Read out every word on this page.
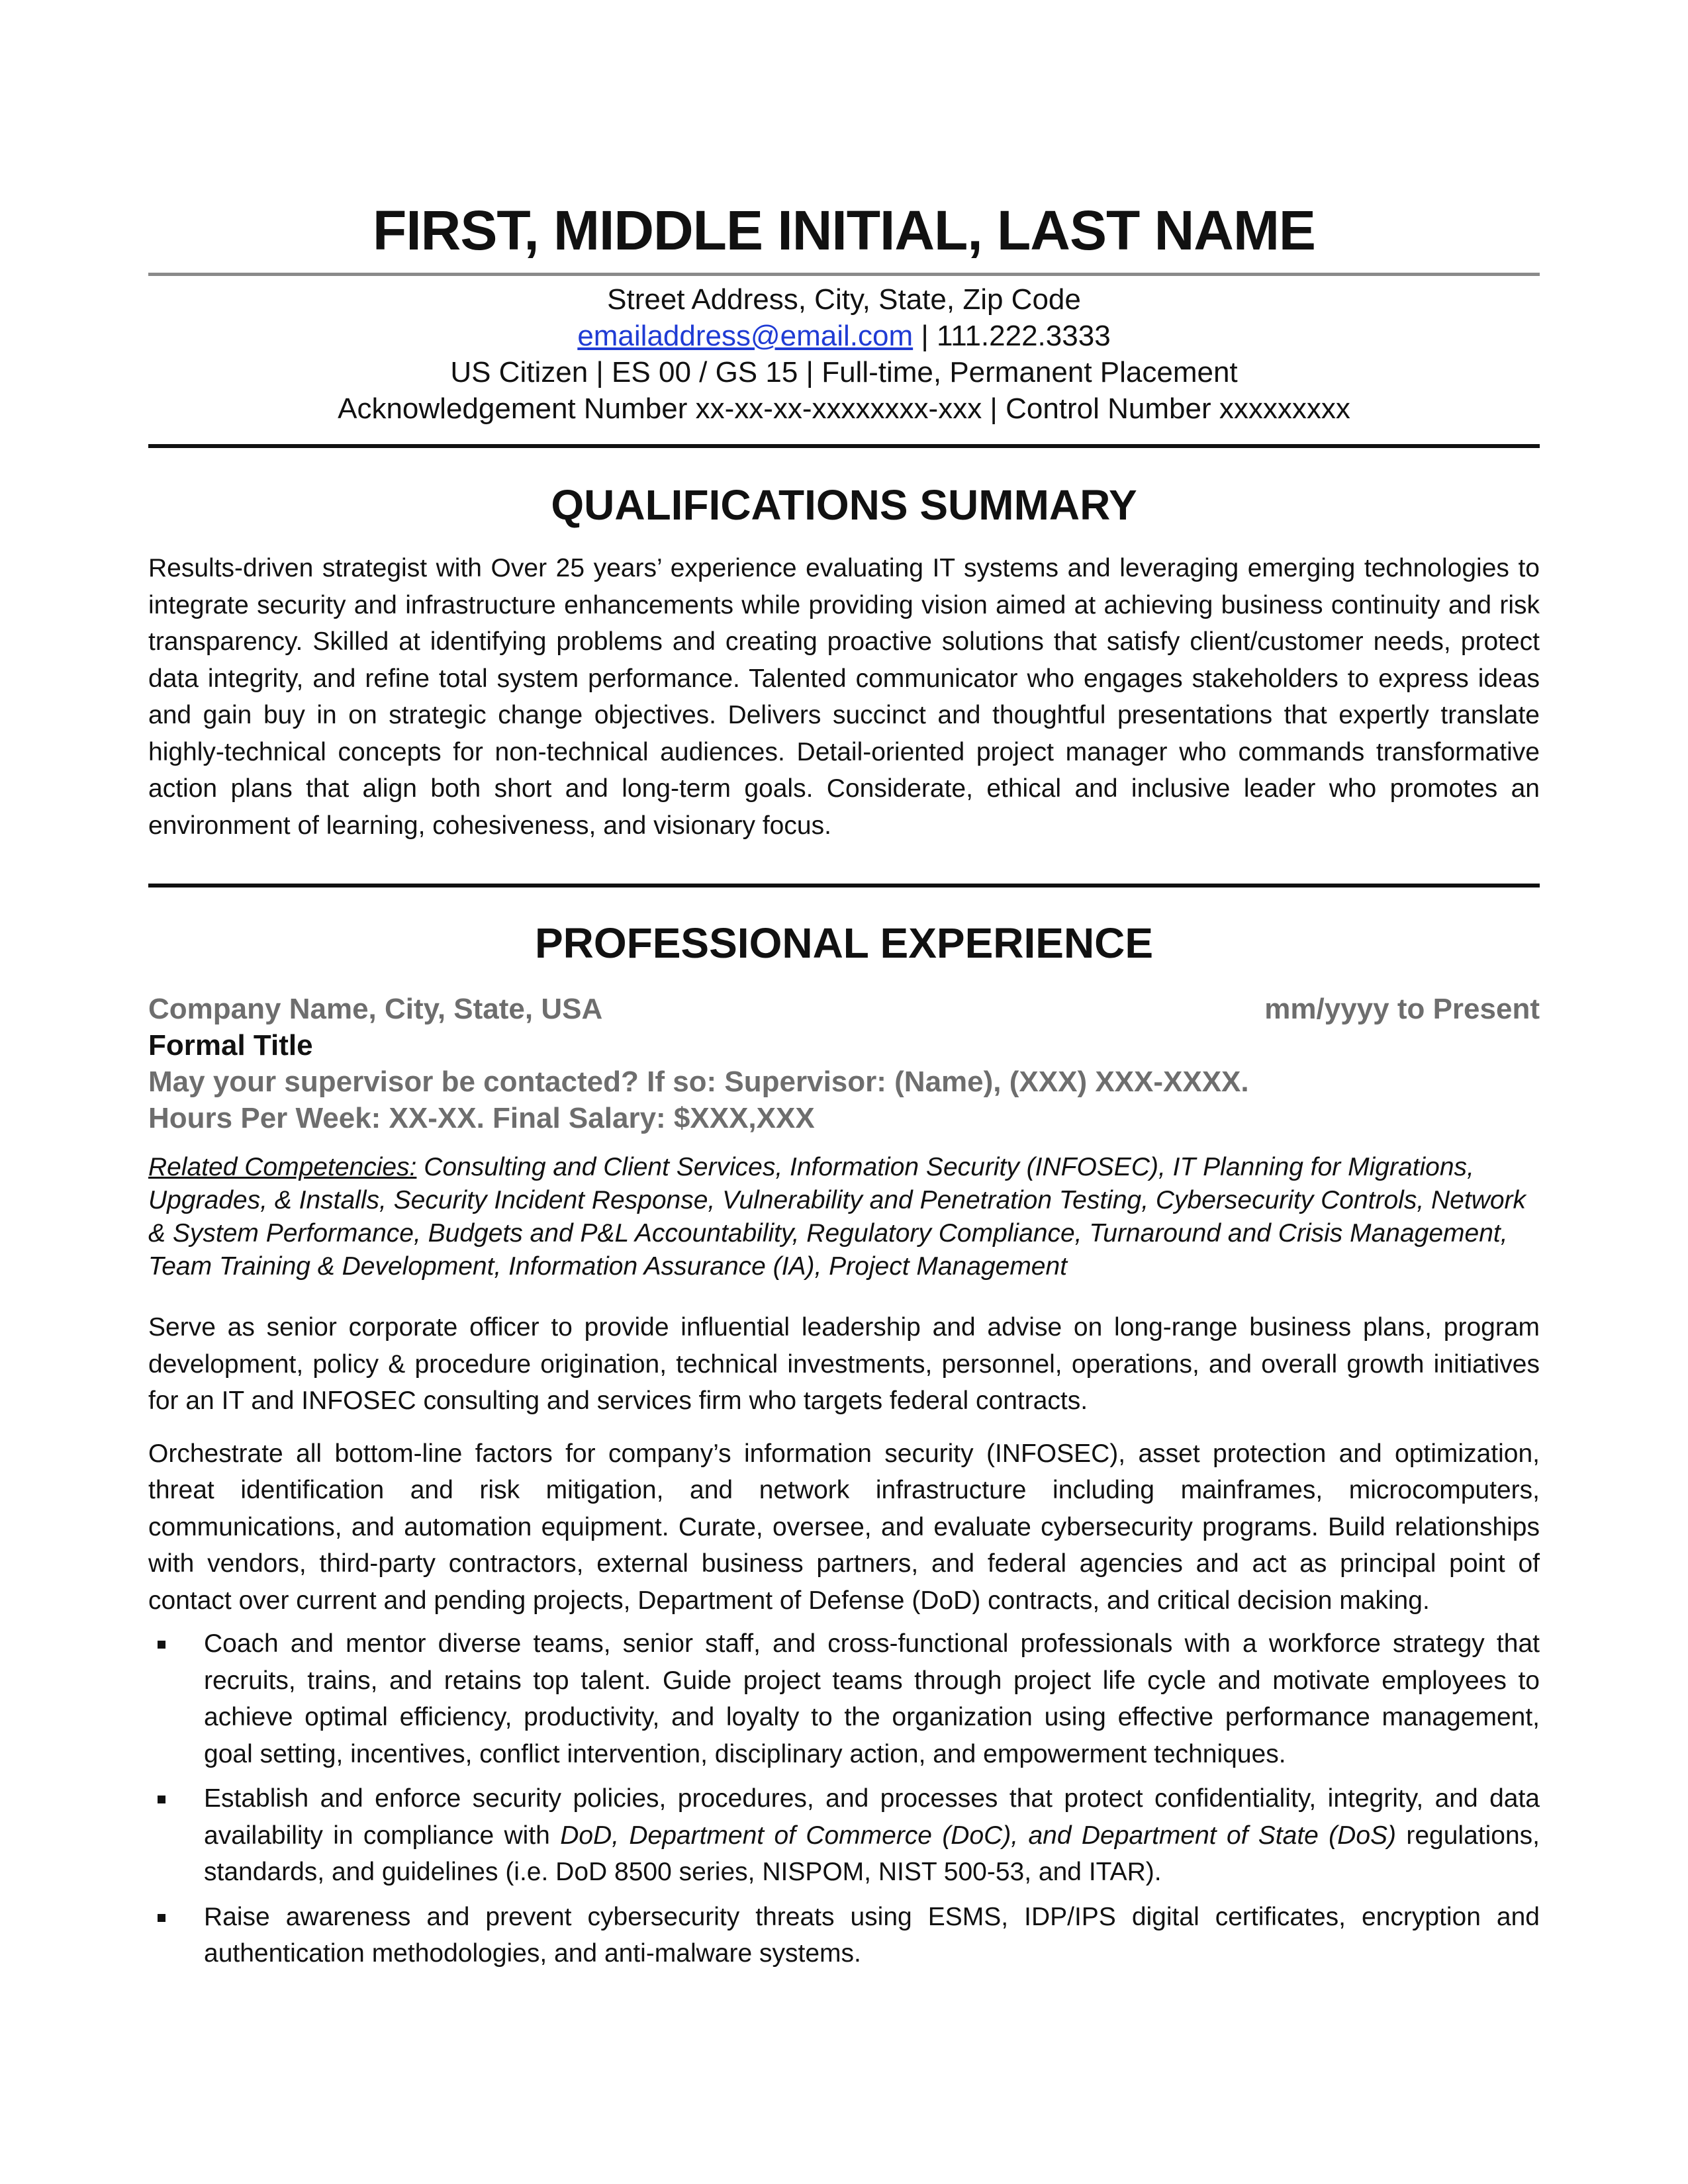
FIRST, MIDDLE INITIAL, LAST NAME
Street Address, City, State, Zip Code
emailaddress@email.com | 111.222.3333
US Citizen | ES 00 / GS 15 | Full-time, Permanent Placement
Acknowledgement Number xx-xx-xx-xxxxxxxx-xxx | Control Number xxxxxxxxx
QUALIFICATIONS SUMMARY

Results-driven strategist with Over 25 years’ experience evaluating IT systems and leveraging emerging technologies to integrate security and infrastructure enhancements while providing vision aimed at achieving business continuity and risk transparency. Skilled at identifying problems and creating proactive solutions that satisfy client/customer needs, protect data integrity, and refine total system performance. Talented communicator who engages stakeholders to express ideas and gain buy in on strategic change objectives. Delivers succinct and thoughtful presentations that expertly translate highly-technical concepts for non-technical audiences. Detail-oriented project manager who commands transformative action plans that align both short and long-term goals. Considerate, ethical and inclusive leader who promotes an environment of learning, cohesiveness, and visionary focus.

PROFESSIONAL EXPERIENCE
Company Name, City, State, USA	mm/yyyy to Present
Formal Title
May your supervisor be contacted? If so: Supervisor: (Name), (XXX) XXX-XXXX.
Hours Per Week: XX-XX. Final Salary: $XXX,XXX

Related Competencies: Consulting and Client Services, Information Security (INFOSEC), IT Planning for Migrations, Upgrades, & Installs, Security Incident Response, Vulnerability and Penetration Testing, Cybersecurity Controls, Network & System Performance, Budgets and P&L Accountability, Regulatory Compliance, Turnaround and Crisis Management, Team Training & Development, Information Assurance (IA), Project Management

Serve as senior corporate officer to provide influential leadership and advise on long-range business plans, program development, policy & procedure origination, technical investments, personnel, operations, and overall growth initiatives for an IT and INFOSEC consulting and services firm who targets federal contracts.

Orchestrate all bottom-line factors for company’s information security (INFOSEC), asset protection and optimization, threat identification and risk mitigation, and network infrastructure including mainframes, microcomputers, communications, and automation equipment. Curate, oversee, and evaluate cybersecurity programs. Build relationships with vendors, third-party contractors, external business partners, and federal agencies and act as principal point of contact over current and pending projects, Department of Defense (DoD) contracts, and critical decision making.

Coach and mentor diverse teams, senior staff, and cross-functional professionals with a workforce strategy that recruits, trains, and retains top talent. Guide project teams through project life cycle and motivate employees to achieve optimal efficiency, productivity, and loyalty to the organization using effective performance management, goal setting, incentives, conflict intervention, disciplinary action, and empowerment techniques.
Establish and enforce security policies, procedures, and processes that protect confidentiality, integrity, and data availability in compliance with DoD, Department of Commerce (DoC), and Department of State (DoS) regulations, standards, and guidelines (i.e. DoD 8500 series, NISPOM, NIST 500-53, and ITAR).
Raise awareness and prevent cybersecurity threats using ESMS, IDP/IPS digital certificates, encryption and authentication methodologies, and anti-malware systems.
